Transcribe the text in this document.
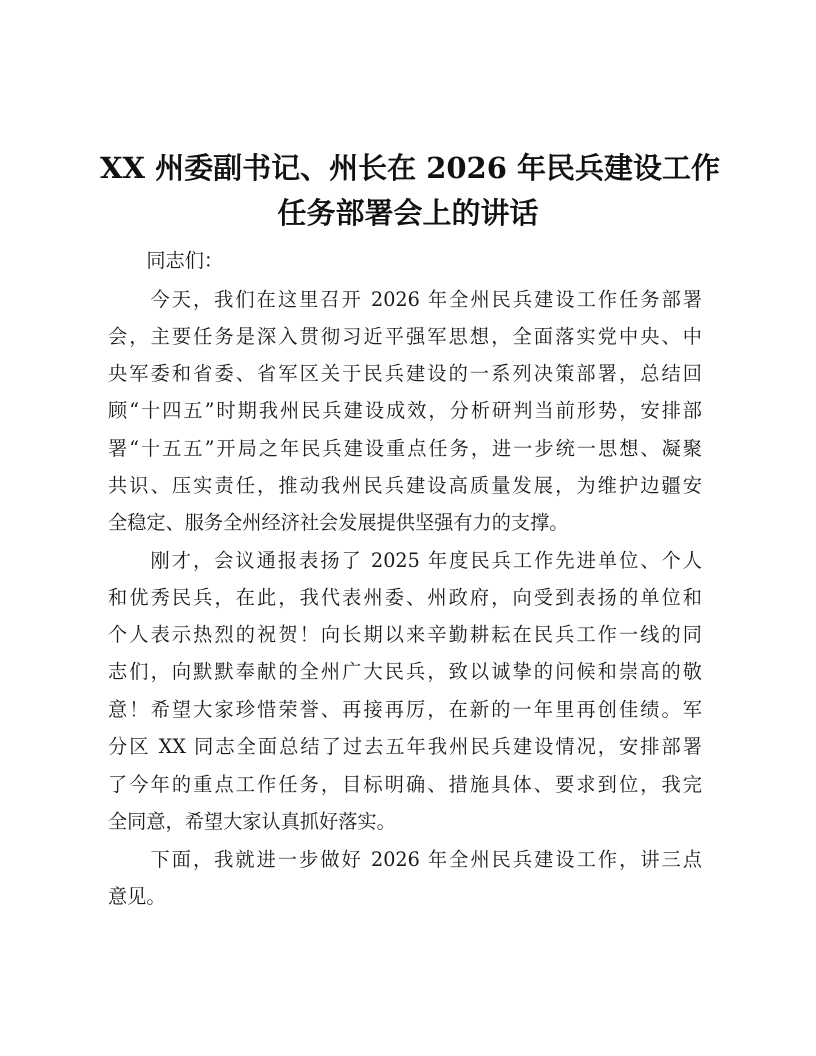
XX 州委副书记、州长在 2026 年民兵建设工作
任务部署会上的讲话

　　同志们：

　　今天，我们在这里召开 2026 年全州民兵建设工作任务部署

会，主要任务是深入贯彻习近平强军思想，全面落实党中央、中

央军委和省委、省军区关于民兵建设的一系列决策部署，总结回

顾“十四五”时期我州民兵建设成效，分析研判当前形势，安排部

署“十五五”开局之年民兵建设重点任务，进一步统一思想、凝聚

共识、压实责任，推动我州民兵建设高质量发展，为维护边疆安

全稳定、服务全州经济社会发展提供坚强有力的支撑。

　　刚才，会议通报表扬了 2025 年度民兵工作先进单位、个人

和优秀民兵，在此，我代表州委、州政府，向受到表扬的单位和

个人表示热烈的祝贺！向长期以来辛勤耕耘在民兵工作一线的同

志们，向默默奉献的全州广大民兵，致以诚挚的问候和崇高的敬

意！希望大家珍惜荣誉、再接再厉，在新的一年里再创佳绩。军

分区 XX 同志全面总结了过去五年我州民兵建设情况，安排部署

了今年的重点工作任务，目标明确、措施具体、要求到位，我完

全同意，希望大家认真抓好落实。

　　下面，我就进一步做好 2026 年全州民兵建设工作，讲三点

意见。
